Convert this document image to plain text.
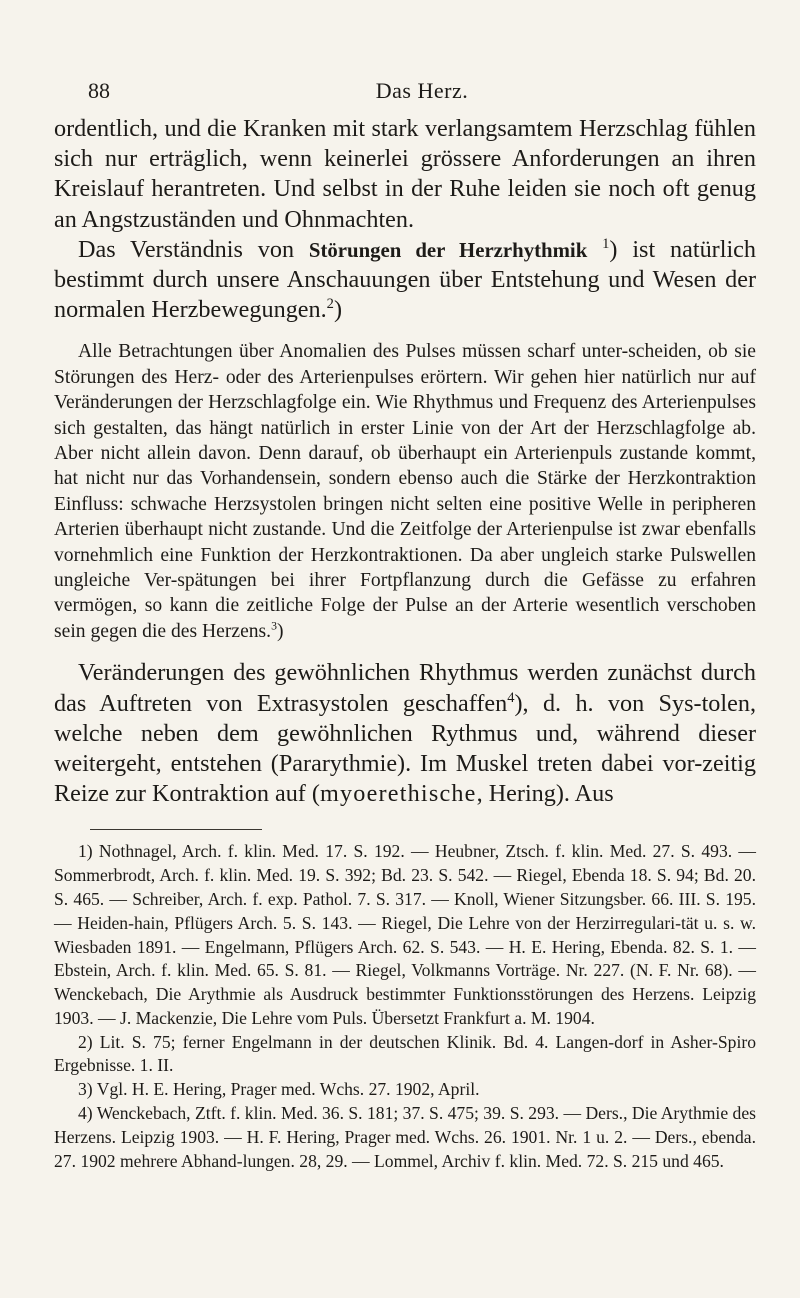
88	Das Herz.

ordentlich, und die Kranken mit stark verlangsamtem Herzschlag fühlen sich nur erträglich, wenn keinerlei grössere Anforderungen an ihren Kreislauf herantreten. Und selbst in der Ruhe leiden sie noch oft genug an Angstzuständen und Ohnmachten.

Das Verständnis von Störungen der Herzrhythmik $^1$) ist natürlich bestimmt durch unsere Anschauungen über Entstehung und Wesen der normalen Herzbewegungen.$^2$)

Alle Betrachtungen über Anomalien des Pulses müssen scharf unter-scheiden, ob sie Störungen des Herz- oder des Arterienpulses erörtern. Wir gehen hier natürlich nur auf Veränderungen der Herzschlagfolge ein. Wie Rhythmus und Frequenz des Arterienpulses sich gestalten, das hängt natürlich in erster Linie von der Art der Herzschlagfolge ab. Aber nicht allein davon. Denn darauf, ob überhaupt ein Arterienpuls zustande kommt, hat nicht nur das Vorhandensein, sondern ebenso auch die Stärke der Herzkontraktion Einfluss: schwache Herzsystolen bringen nicht selten eine positive Welle in peripheren Arterien überhaupt nicht zustande. Und die Zeitfolge der Arterienpulse ist zwar ebenfalls vornehmlich eine Funktion der Herzkontraktionen. Da aber ungleich starke Pulswellen ungleiche Ver-spätungen bei ihrer Fortpflanzung durch die Gefässe zu erfahren vermögen, so kann die zeitliche Folge der Pulse an der Arterie wesentlich verschoben sein gegen die des Herzens.$^3$)

Veränderungen des gewöhnlichen Rhythmus werden zunächst durch das Auftreten von Extrasystolen geschaffen$^4$), d. h. von Sys-tolen, welche neben dem gewöhnlichen Rythmus und, während dieser weitergeht, entstehen (Pararythmie). Im Muskel treten dabei vor-zeitig Reize zur Kontraktion auf (myoerethische, Hering). Aus

1) Nothnagel, Arch. f. klin. Med. 17. S. 192. — Heubner, Ztsch. f. klin. Med. 27. S. 493. — Sommerbrodt, Arch. f. klin. Med. 19. S. 392; Bd. 23. S. 542. — Riegel, Ebenda 18. S. 94; Bd. 20. S. 465. — Schreiber, Arch. f. exp. Pathol. 7. S. 317. — Knoll, Wiener Sitzungsber. 66. III. S. 195. — Heiden-hain, Pflügers Arch. 5. S. 143. — Riegel, Die Lehre von der Herzirregulari-tät u. s. w. Wiesbaden 1891. — Engelmann, Pflügers Arch. 62. S. 543. — H. E. Hering, Ebenda. 82. S. 1. — Ebstein, Arch. f. klin. Med. 65. S. 81. — Riegel, Volkmanns Vorträge. Nr. 227. (N. F. Nr. 68). — Wenckebach, Die Arythmie als Ausdruck bestimmter Funktionsstörungen des Herzens. Leipzig 1903. — J. Mackenzie, Die Lehre vom Puls. Übersetzt Frankfurt a. M. 1904.

2) Lit. S. 75; ferner Engelmann in der deutschen Klinik. Bd. 4. Langen-dorf in Asher-Spiro Ergebnisse. 1. II.

3) Vgl. H. E. Hering, Prager med. Wchs. 27. 1902, April.

4) Wenckebach, Ztft. f. klin. Med. 36. S. 181; 37. S. 475; 39. S. 293. — Ders., Die Arythmie des Herzens. Leipzig 1903. — H. F. Hering, Prager med. Wchs. 26. 1901. Nr. 1 u. 2. — Ders., ebenda. 27. 1902 mehrere Abhand-lungen. 28, 29. — Lommel, Archiv f. klin. Med. 72. S. 215 und 465.
